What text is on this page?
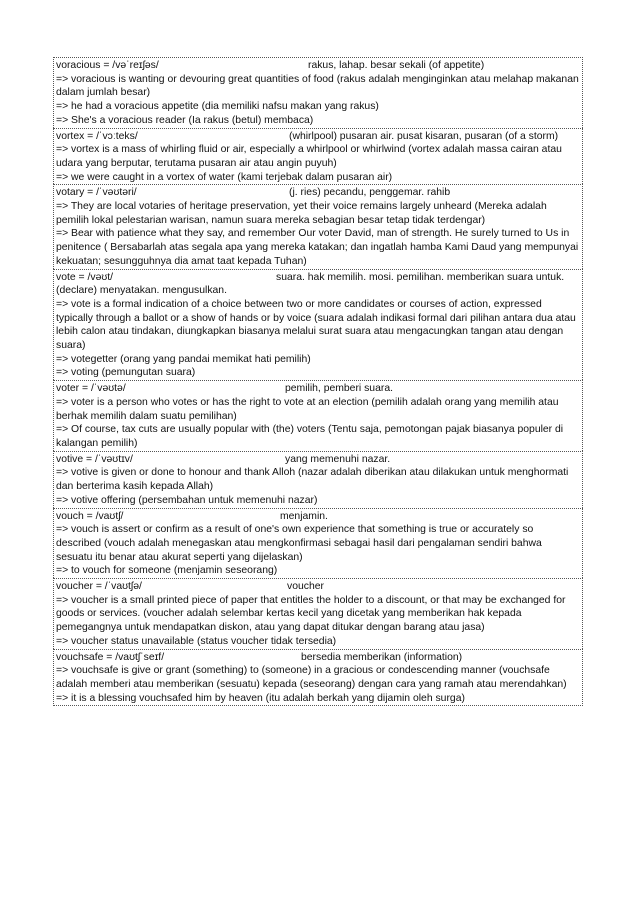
voracious = /vəˈreɪʃəs/	rakus, lahap. besar sekali (of appetite)
=> voracious is wanting or devouring great quantities of food (rakus adalah menginginkan atau melahap makanan dalam jumlah besar)
=> he had a voracious appetite (dia memiliki nafsu makan yang rakus)
=> She's a voracious reader (Ia rakus (betul) membaca)
vortex = /ˈvɔːteks/	(whirlpool) pusaran air. pusat kisaran, pusaran (of a storm)
=> vortex is a mass of whirling fluid or air, especially a whirlpool or whirlwind (vortex adalah massa cairan atau udara yang berputar, terutama pusaran air atau angin puyuh)
=> we were caught in a vortex of water (kami terjebak dalam pusaran air)
votary = /ˈvəʊtəri/	(j. ries) pecandu, penggemar. rahib
=> They are local votaries of heritage preservation, yet their voice remains largely unheard (Mereka adalah pemilih lokal pelestarian warisan, namun suara mereka sebagian besar tetap tidak terdengar)
=> Bear with patience what they say, and remember Our voter David, man of strength. He surely turned to Us in penitence ( Bersabarlah atas segala apa yang mereka katakan; dan ingatlah hamba Kami Daud yang mempunyai kekuatan; sesungguhnya dia amat taat kepada Tuhan)
vote = /vəʊt/	suara. hak memilih. mosi. pemilihan. memberikan suara untuk.
(declare) menyatakan. mengusulkan.
=> vote is a formal indication of a choice between two or more candidates or courses of action, expressed typically through a ballot or a show of hands or by voice (suara adalah indikasi formal dari pilihan antara dua atau lebih calon atau tindakan, diungkapkan biasanya melalui surat suara atau mengacungkan tangan atau dengan suara)
=> votegetter (orang yang pandai memikat hati pemilih)
=> voting (pemungutan suara)
voter = /ˈvəʊtə/	pemilih, pemberi suara.
=> voter is a person who votes or has the right to vote at an election (pemilih adalah orang yang memilih atau berhak memilih dalam suatu pemilihan)
=> Of course, tax cuts are usually popular with (the) voters (Tentu saja, pemotongan pajak biasanya populer di kalangan pemilih)
votive = /ˈvəʊtɪv/	yang memenuhi nazar.
=> votive is given or done to honour and thank Alloh (nazar adalah diberikan atau dilakukan untuk menghormati dan berterima kasih kepada Allah)
=> votive offering (persembahan untuk memenuhi nazar)
vouch = /vaʊtʃ/	menjamin.
=> vouch is assert or confirm as a result of one's own experience that something is true or accurately so described (vouch adalah menegaskan atau mengkonfirmasi sebagai hasil dari pengalaman sendiri bahwa sesuatu itu benar atau akurat seperti yang dijelaskan)
=> to vouch for someone (menjamin seseorang)
voucher = /ˈvaʊtʃə/	voucher
=> voucher is a small printed piece of paper that entitles the holder to a discount, or that may be exchanged for goods or services. (voucher adalah selembar kertas kecil yang dicetak yang memberikan hak kepada pemegangnya untuk mendapatkan diskon, atau yang dapat ditukar dengan barang atau jasa)
=> voucher status unavailable (status voucher tidak tersedia)
vouchsafe = /vaʊtʃˈseɪf/	bersedia memberikan (information)
=> vouchsafe is give or grant (something) to (someone) in a gracious or condescending manner (vouchsafe adalah memberi atau memberikan (sesuatu) kepada (seseorang) dengan cara yang ramah atau merendahkan)
=> it is a blessing vouchsafed him by heaven (itu adalah berkah yang dijamin oleh surga)
